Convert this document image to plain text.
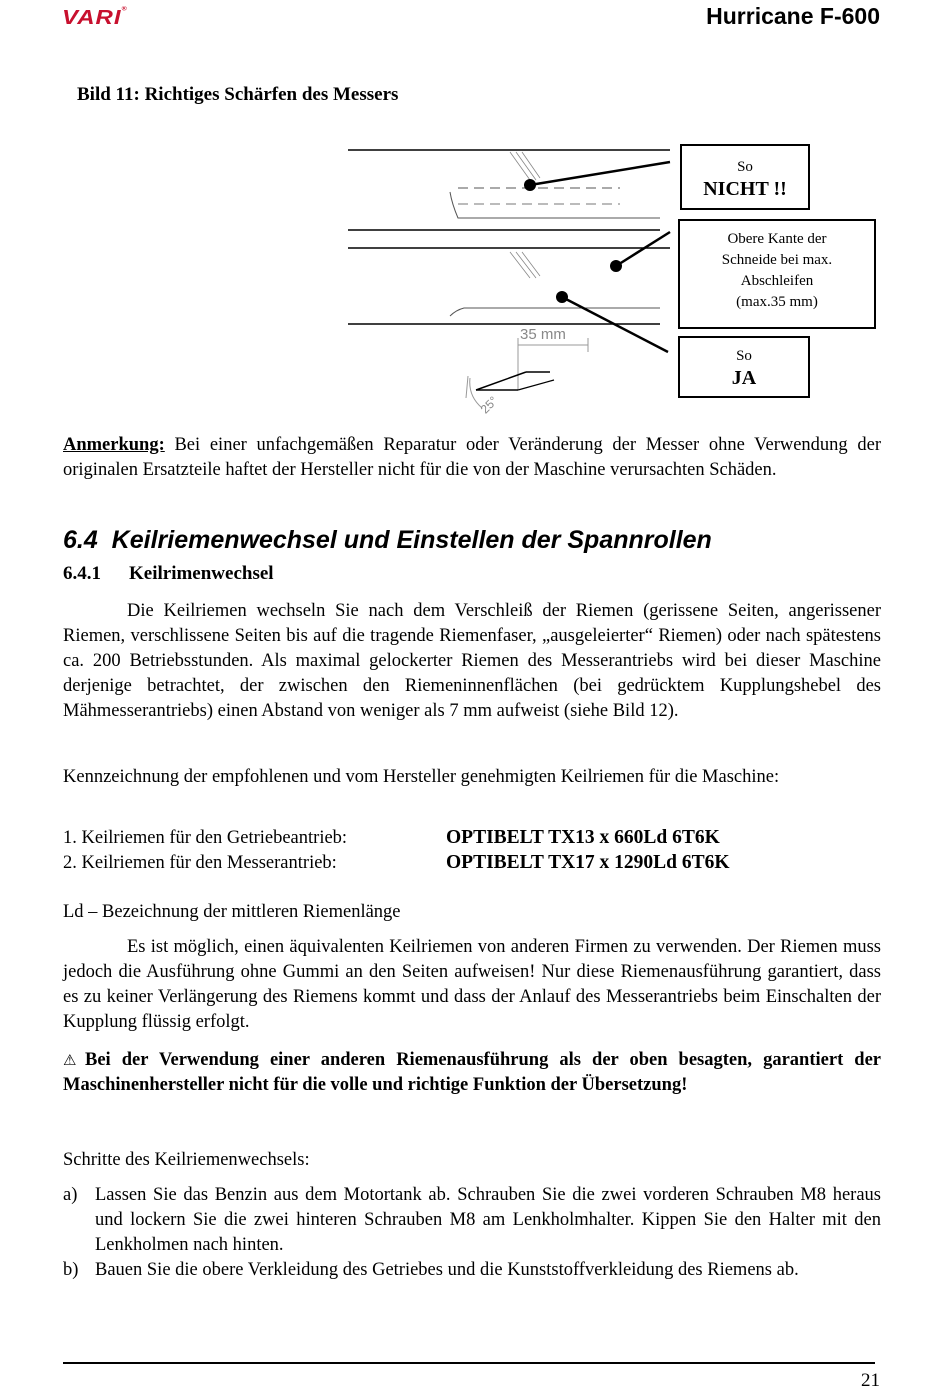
VARI®	Hurricane F-600
Bild 11: Richtiges Schärfen des Messers
35 mm
25°
So
NICHT !!
Obere Kante der
Schneide bei max.
Abschleifen
(max.35 mm)
So
JA
Anmerkung: Bei einer unfachgemäßen Reparatur oder Veränderung der Messer ohne Verwendung der originalen Ersatzteile haftet der Hersteller nicht für die von der Maschine verursachten Schäden.
6.4 Keilriemenwechsel und Einstellen der Spannrollen
6.4.1 Keilrimenwechsel
Die Keilriemen wechseln Sie nach dem Verschleiß der Riemen (gerissene Seiten, angerissener Riemen, verschlissene Seiten bis auf die tragende Riemenfaser, „ausgeleierter“ Riemen) oder nach spätestens ca. 200 Betriebsstunden. Als maximal gelockerter Riemen des Messerantriebs wird bei dieser Maschine derjenige betrachtet, der zwischen den Riemeninnenflächen (bei gedrücktem Kupplungshebel des Mähmesserantriebs) einen Abstand von weniger als 7 mm aufweist (siehe Bild 12).
Kennzeichnung der empfohlenen und vom Hersteller genehmigten Keilriemen für die Maschine:
1. Keilriemen für den Getriebeantrieb:	OPTIBELT TX13 x 660Ld 6T6K
2. Keilriemen für den Messerantrieb:	OPTIBELT TX17 x 1290Ld 6T6K
Ld – Bezeichnung der mittleren Riemenlänge
Es ist möglich, einen äquivalenten Keilriemen von anderen Firmen zu verwenden. Der Riemen muss jedoch die Ausführung ohne Gummi an den Seiten aufweisen! Nur diese Riemenausführung garantiert, dass es zu keiner Verlängerung des Riemens kommt und dass der Anlauf des Messerantriebs beim Einschalten der Kupplung flüssig erfolgt.
⚠ Bei der Verwendung einer anderen Riemenausführung als der oben besagten, garantiert der Maschinenhersteller nicht für die volle und richtige Funktion der Übersetzung!
Schritte des Keilriemenwechsels:
a) Lassen Sie das Benzin aus dem Motortank ab. Schrauben Sie die zwei vorderen Schrauben M8 heraus und lockern Sie die zwei hinteren Schrauben M8 am Lenkholmhalter. Kippen Sie den Halter mit den Lenkholmen nach hinten.
b) Bauen Sie die obere Verkleidung des Getriebes und die Kunststoffverkleidung des Riemens ab.
21
